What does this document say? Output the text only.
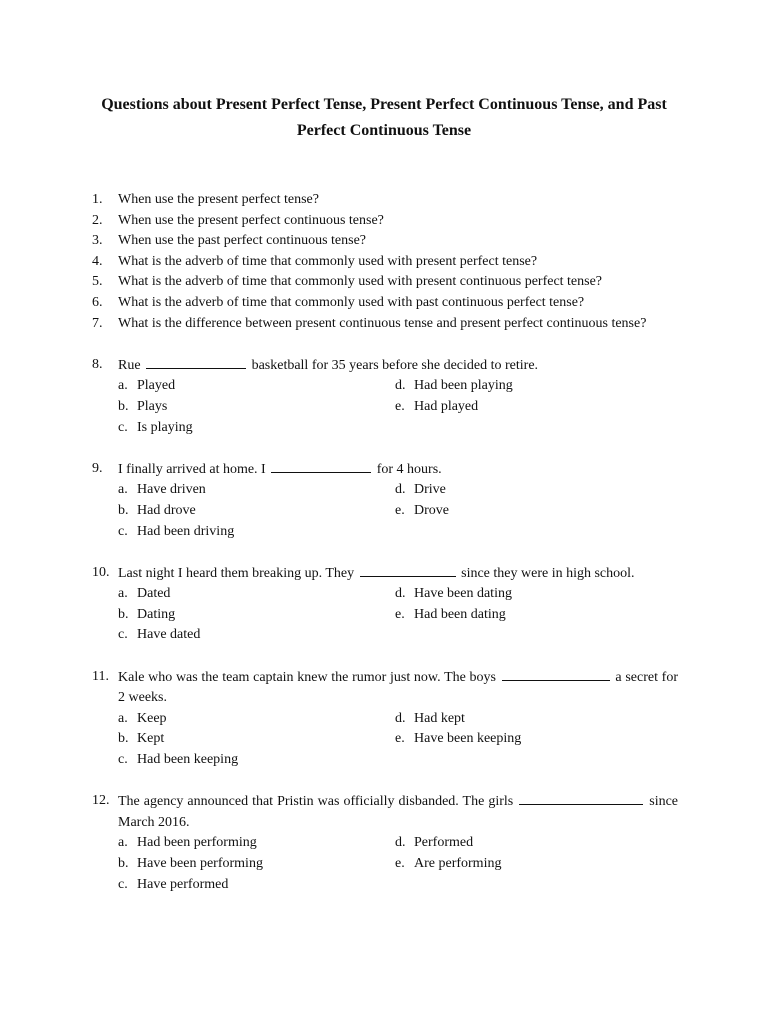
Questions about Present Perfect Tense, Present Perfect Continuous Tense, and Past
Perfect Continuous Tense
1.	When use the present perfect tense?
2.	When use the present perfect continuous tense?
3.	When use the past perfect continuous tense?
4.	What is the adverb of time that commonly used with present perfect tense?
5.	What is the adverb of time that commonly used with present continuous perfect tense?
6.	What is the adverb of time that commonly used with past continuous perfect tense?
7.	What is the difference between present continuous tense and present perfect continuous tense?
8.	Rue	basketball for 35 years before she decided to retire.
a. Played	d. Had been playing
b. Plays	e. Had played
c. Is playing
9.	I finally arrived at home. I	for 4 hours.
a. Have driven	d. Drive
b. Had drove	e. Drove
c. Had been driving
10. Last night I heard them breaking up. They	since they were in high school.
a. Dated	d. Have been dating
b. Dating	e. Had been dating
c. Have dated
11. Kale who was the team captain knew the rumor just now. The boys	a secret for 2 weeks.
a. Keep	d. Had kept
b. Kept	e. Have been keeping
c. Had been keeping
12. The agency announced that Pristin was officially disbanded. The girls	since March 2016.
a. Had been performing	d. Performed
b. Have been performing	e. Are performing
c. Have performed
